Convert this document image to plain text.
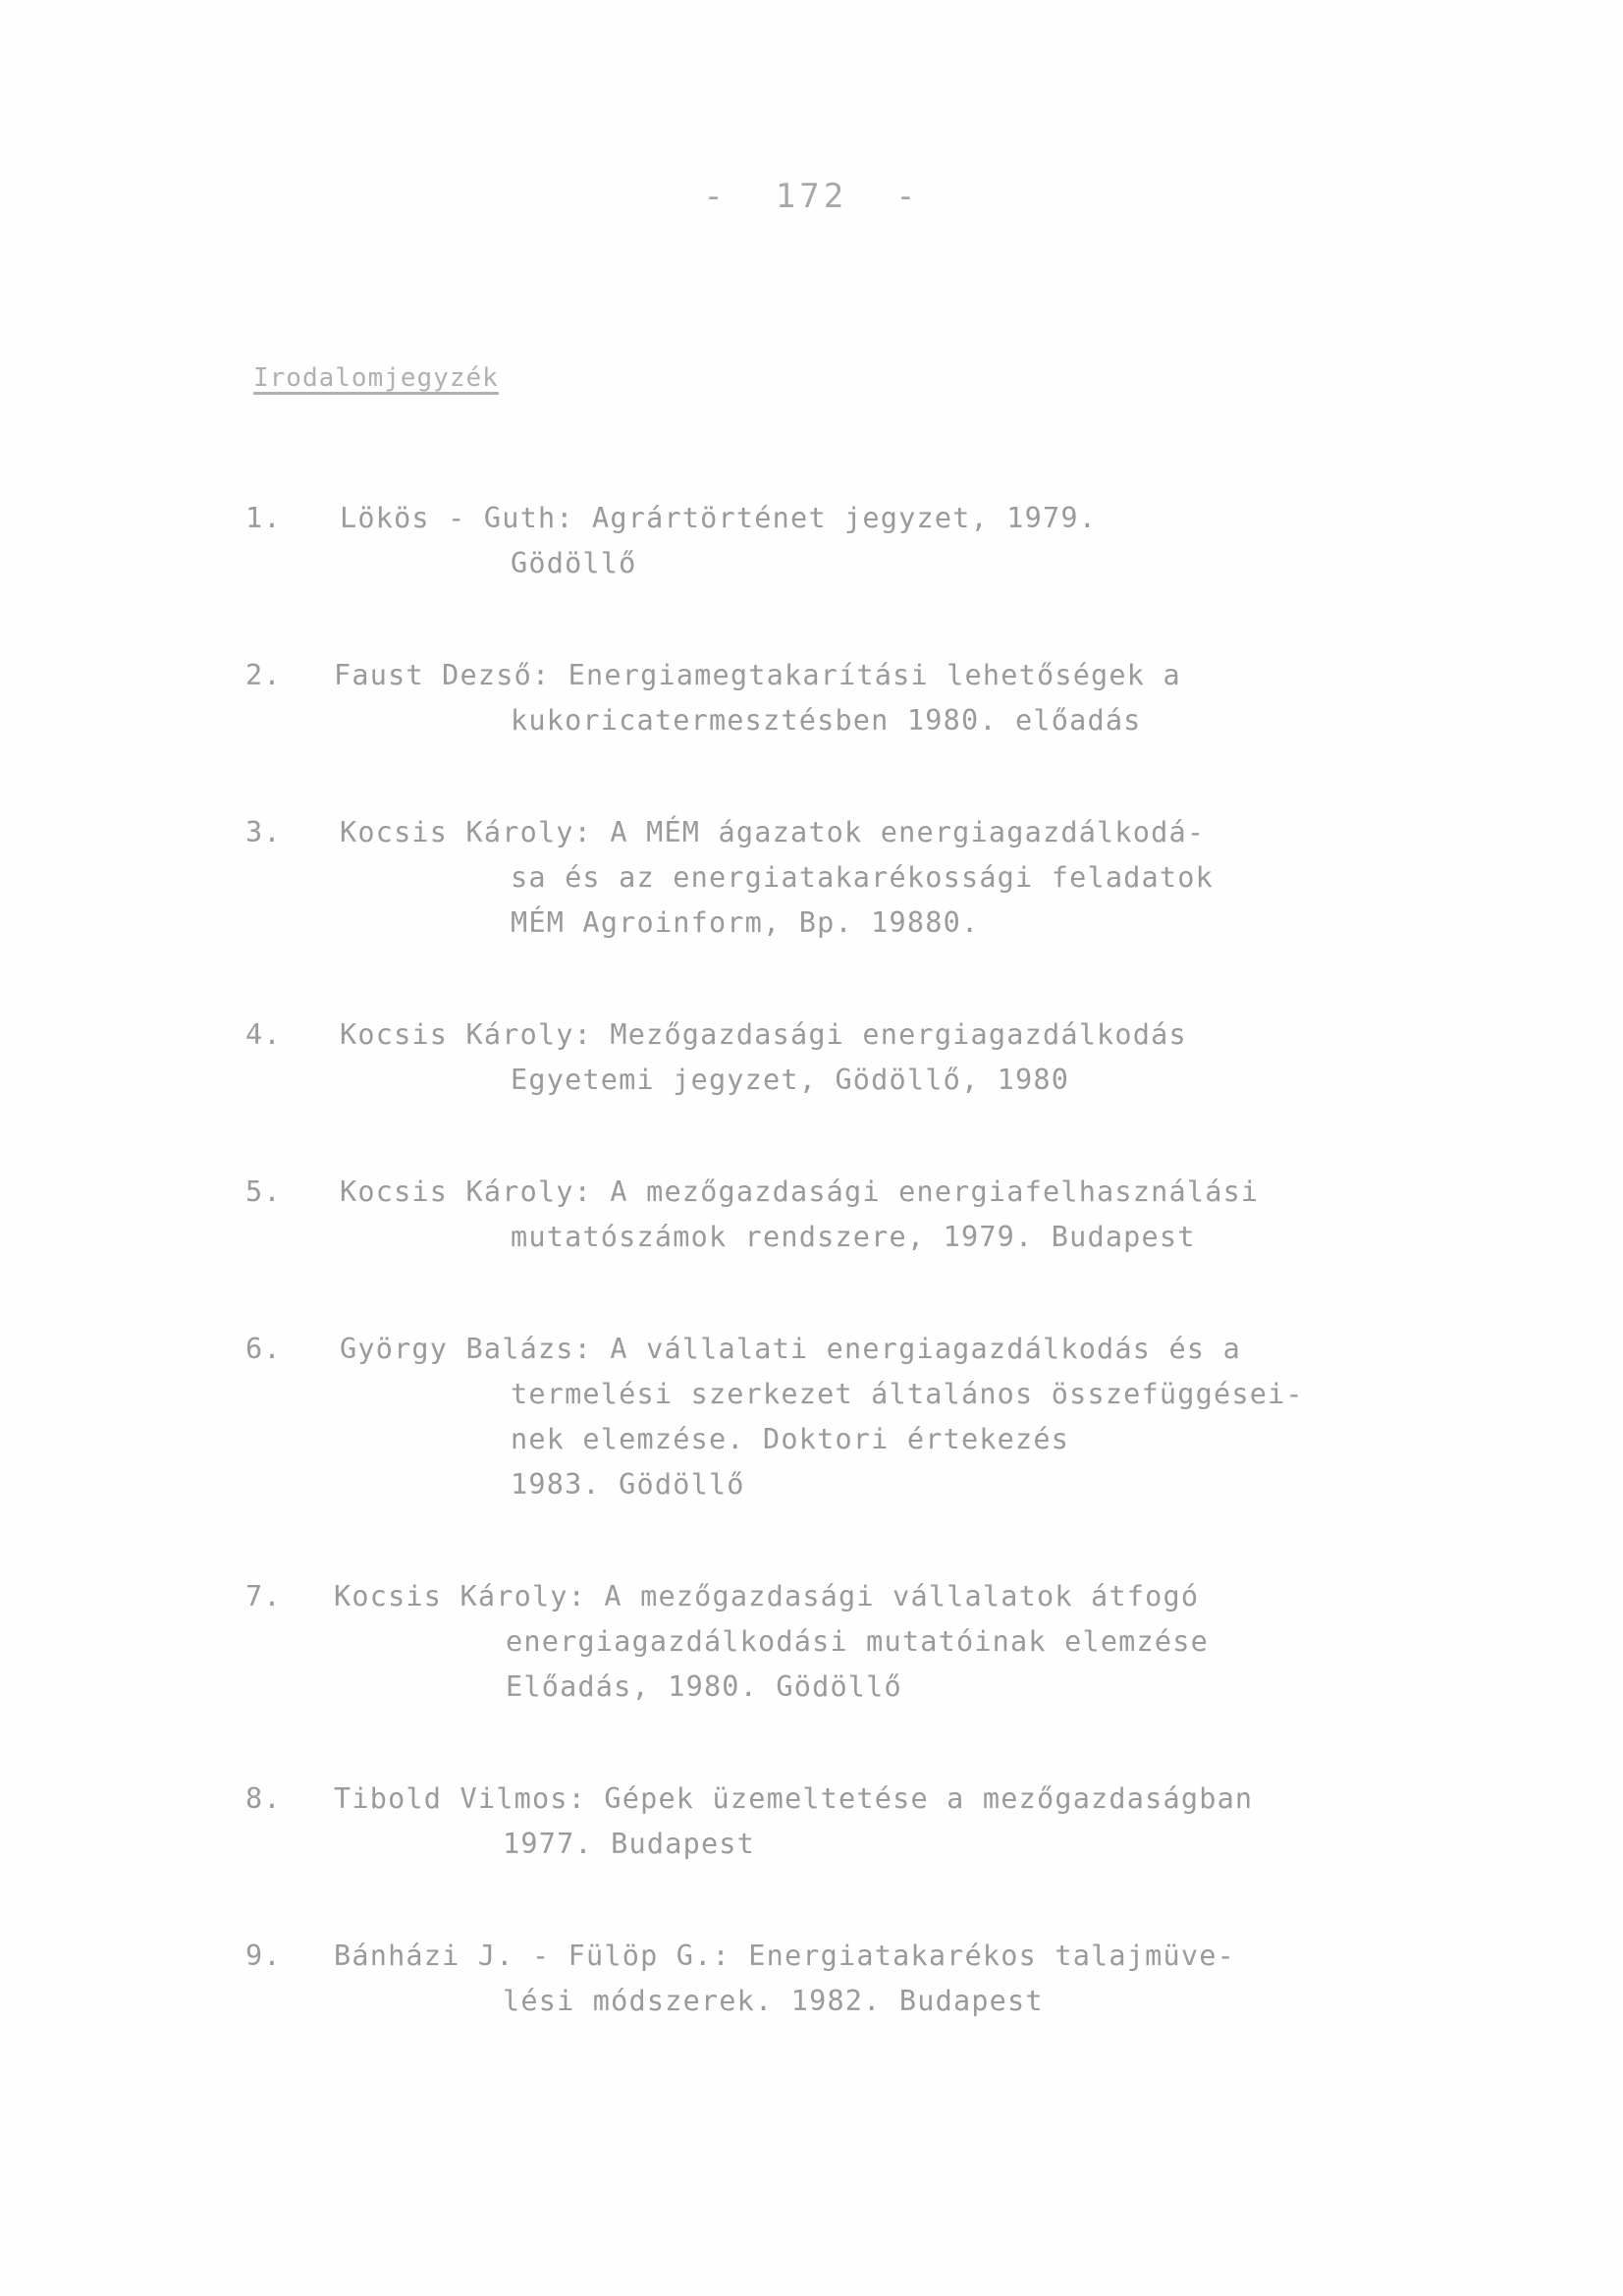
-  172  -
Irodalomjegyzék
1.	Lökös - Guth: Agrártörténet jegyzet, 1979.
Gödöllő
2.	Faust Dezső: Energiamegtakarítási lehetőségek a
kukoricatermesztésben 1980. előadás
3.	Kocsis Károly: A MÉM ágazatok energiagazdálkodá-
sa és az energiatakarékossági feladatok
MÉM Agroinform, Bp. 19880.
4.	Kocsis Károly: Mezőgazdasági energiagazdálkodás
Egyetemi jegyzet, Gödöllő, 1980
5.	Kocsis Károly: A mezőgazdasági energiafelhasználási
mutatószámok rendszere, 1979. Budapest
6.	György Balázs: A vállalati energiagazdálkodás és a
termelési szerkezet általános összefüggései-
nek elemzése. Doktori értekezés
1983. Gödöllő
7.	Kocsis Károly: A mezőgazdasági vállalatok átfogó
energiagazdálkodási mutatóinak elemzése
Előadás, 1980. Gödöllő
8.	Tibold Vilmos: Gépek üzemeltetése a mezőgazdaságban
1977. Budapest
9.	Bánházi J. - Fülöp G.: Energiatakarékos talajmüve-
lési módszerek. 1982. Budapest
